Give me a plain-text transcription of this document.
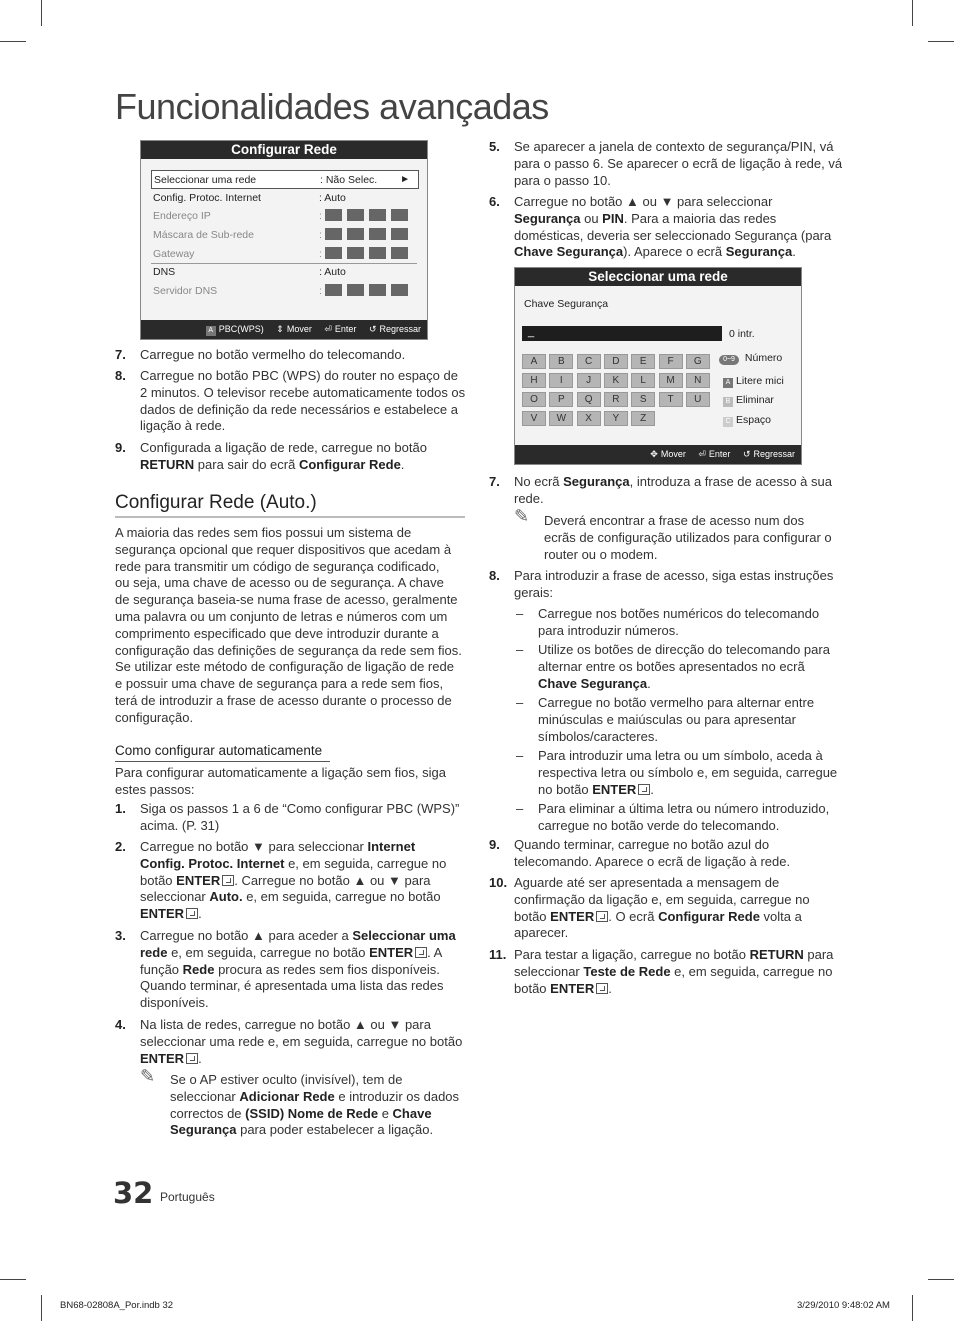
Funcionalidades avançadas
Configurar Rede
Seleccionar uma rede	: Não Selec. ►
Config. Protoc. Internet	: Auto
Endereço IP	:
Máscara de Sub-rede	:
Gateway	:
DNS	: Auto
Servidor DNS	:
A PBC(WPS) ⇕ Mover ⏎ Enter ↺ Regressar
7. Carregue no botão vermelho do telecomando.
8. Carregue no botão PBC (WPS) do router no espaço de
2 minutos. O televisor recebe automaticamente todos os
dados de definição da rede necessários e estabelece a
ligação à rede.
9. Configurada a ligação de rede, carregue no botão
RETURN para sair do ecrã Configurar Rede.
Configurar Rede (Auto.)
A maioria das redes sem fios possui um sistema de
segurança opcional que requer dispositivos que acedam à
rede para transmitir um código de segurança codificado,
ou seja, uma chave de acesso ou de segurança. A chave
de segurança baseia-se numa frase de acesso, geralmente
uma palavra ou um conjunto de letras e números com um
comprimento especificado que deve introduzir durante a
configuração das definições de segurança da rede sem fios.
Se utilizar este método de configuração de ligação de rede
e possuir uma chave de segurança para a rede sem fios,
terá de introduzir a frase de acesso durante o processo de
configuração.
Como configurar automaticamente
Para configurar automaticamente a ligação sem fios, siga
estes passos:
1. Siga os passos 1 a 6 de “Como configurar PBC (WPS)”
acima. (P. 31)
2. Carregue no botão ▼ para seleccionar Internet
Config. Protoc. Internet e, em seguida, carregue no
botão ENTER . Carregue no botão ▲ ou ▼ para
seleccionar Auto. e, em seguida, carregue no botão
ENTER .
3. Carregue no botão ▲ para aceder a Seleccionar uma
rede e, em seguida, carregue no botão ENTER . A
função Rede procura as redes sem fios disponíveis.
Quando terminar, é apresentada uma lista das redes
disponíveis.
4. Na lista de redes, carregue no botão ▲ ou ▼ para
seleccionar uma rede e, em seguida, carregue no botão
ENTER .
✎ Se o AP estiver oculto (invisível), tem de
seleccionar Adicionar Rede e introduzir os dados
correctos de (SSID) Nome de Rede e Chave
Segurança para poder estabelecer a ligação.
5. Se aparecer a janela de contexto de segurança/PIN, vá
para o passo 6. Se aparecer o ecrã de ligação à rede, vá
para o passo 10.
6. Carregue no botão ▲ ou ▼ para seleccionar
Segurança ou PIN. Para a maioria das redes
domésticas, deveria ser seleccionado Segurança (para
Chave Segurança). Aparece o ecrã Segurança.
Seleccionar uma rede
Chave Segurança
_	0 intr.
A	B	C	D	E	F	G
H	I	J	K	L	M	N
O	P	Q	R	S	T	U
V	W	X	Y	Z
0~9 Número
A Litere mici
B Eliminar
C Espaço
✥ Mover ⏎ Enter ↺ Regressar
7. No ecrã Segurança, introduza a frase de acesso à sua
rede.
✎ Deverá encontrar a frase de acesso num dos
ecrãs de configuração utilizados para configurar o
router ou o modem.
8. Para introduzir a frase de acesso, siga estas instruções
gerais:
– Carregue nos botões numéricos do telecomando
para introduzir números.
– Utilize os botões de direcção do telecomando para
alternar entre os botões apresentados no ecrã
Chave Segurança.
– Carregue no botão vermelho para alternar entre
minúsculas e maiúsculas ou para apresentar
símbolos/caracteres.
– Para introduzir uma letra ou um símbolo, aceda à
respectiva letra ou símbolo e, em seguida, carregue
no botão ENTER .
– Para eliminar a última letra ou número introduzido,
carregue no botão verde do telecomando.
9. Quando terminar, carregue no botão azul do
telecomando. Aparece o ecrã de ligação à rede.
10. Aguarde até ser apresentada a mensagem de
confirmação da ligação e, em seguida, carregue no
botão ENTER . O ecrã Configurar Rede volta a
aparecer.
11. Para testar a ligação, carregue no botão RETURN para
seleccionar Teste de Rede e, em seguida, carregue no
botão ENTER .
32 Português
BN68-02808A_Por.indb 32	3/29/2010 9:48:02 AM
